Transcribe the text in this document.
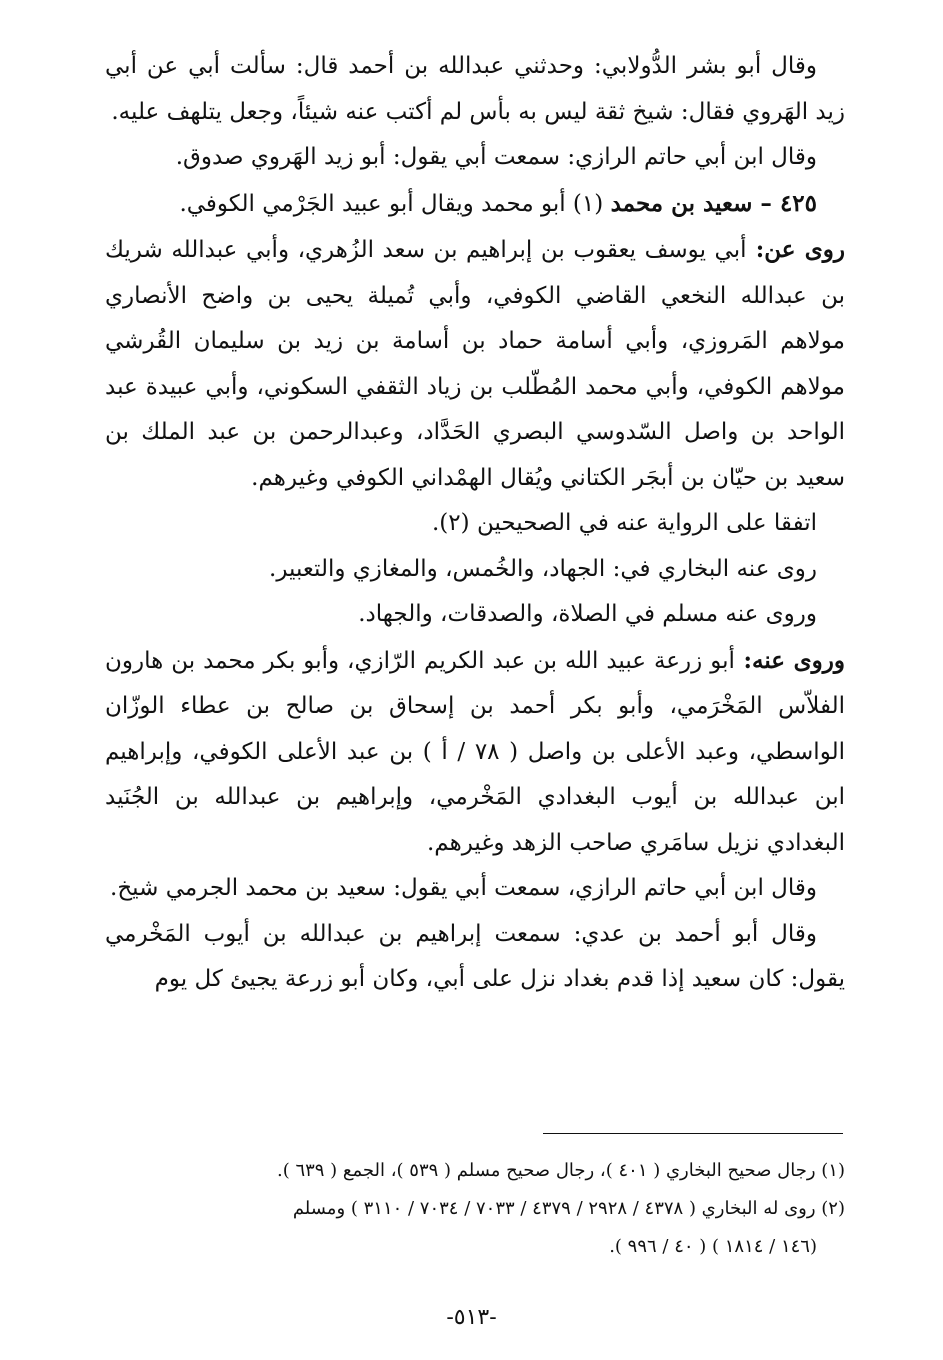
وقال أبو بشر الدُّولابي: وحدثني عبدالله بن أحمد قال: سألت أبي عن أبي زيد الهَروي فقال: شيخ ثقة ليس به بأس لم أكتب عنه شيئاً، وجعل يتلهف عليه.

وقال ابن أبي حاتم الرازي: سمعت أبي يقول: أبو زيد الهَروي صدوق.

٤٢٥ – سعيد بن محمد (١) أبو محمد ويقال أبو عبيد الجَرْمي الكوفي.

روى عن: أبي يوسف يعقوب بن إبراهيم بن سعد الزُهري، وأبي عبدالله شريك بن عبدالله النخعي القاضي الكوفي، وأبي تُميلة يحيى بن واضح الأنصاري مولاهم المَروزي، وأبي أسامة حماد بن أسامة بن زيد بن سليمان القُرشي مولاهم الكوفي، وأبي محمد المُطّلب بن زياد الثقفي السكوني، وأبي عبيدة عبد الواحد بن واصل السّدوسي البصري الحَدَّاد، وعبدالرحمن بن عبد الملك بن سعيد بن حيّان بن أبجَر الكتاني ويُقال الهمْداني الكوفي وغيرهم.

اتفقا على الرواية عنه في الصحيحين (٢).

روى عنه البخاري في: الجهاد، والخُمس، والمغازي والتعبير.

وروى عنه مسلم في الصلاة، والصدقات، والجهاد.

وروى عنه: أبو زرعة عبيد الله بن عبد الكريم الرّازي، وأبو بكر محمد بن هارون الفلاّس المَخْرَمي، وأبو بكر أحمد بن إسحاق بن صالح بن عطاء الوزّان الواسطي، وعبد الأعلى بن واصل ( ٧٨ / أ ) بن عبد الأعلى الكوفي، وإبراهيم ابن عبدالله بن أيوب البغدادي المَخْرمي، وإبراهيم بن عبدالله بن الجُنَيد البغدادي نزيل سامَري صاحب الزهد وغيرهم.

وقال ابن أبي حاتم الرازي، سمعت أبي يقول: سعيد بن محمد الجرمي شيخ.

وقال أبو أحمد بن عدي: سمعت إبراهيم بن عبدالله بن أيوب المَخْرمي يقول: كان سعيد إذا قدم بغداد نزل على أبي، وكان أبو زرعة يجيئ كل يوم

(١) رجال صحيح البخاري ( ٤٠١ )، رجال صحيح مسلم ( ٥٣٩ )، الجمع ( ٦٣٩ ).

(٢) روى له البخاري ( ٤٣٧٨ / ٢٩٢٨ / ٤٣٧٩ / ٧٠٣٣ / ٧٠٣٤ / ٣١١٠ ) ومسلم

(١٤٦ / ١٨١٤ ) ( ٤٠ / ٩٩٦ ).

-٥١٣-
